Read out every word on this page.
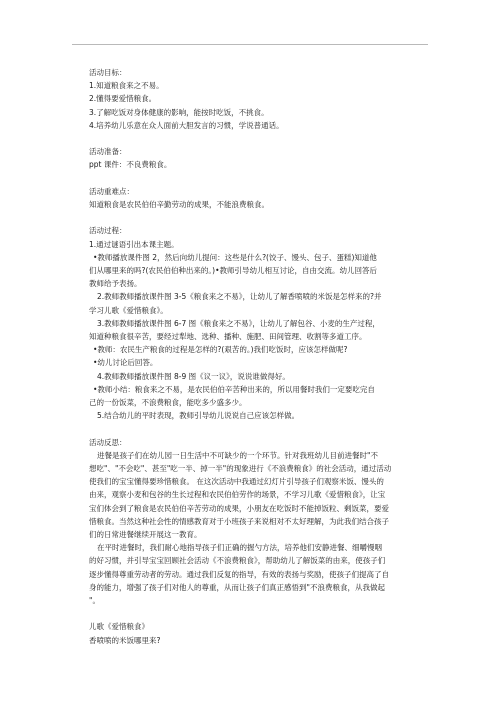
活动目标：
1.知道粮食来之不易。
2.懂得要爱惜粮食。
3.了解吃饭对身体健康的影响，能按时吃饭，不挑食。
4.培养幼儿乐意在众人面前大胆发言的习惯，学说普通话。
活动准备：
ppt 课件：不良费粮食。
活动重难点：
知道粮食是农民伯伯辛勤劳动的成果，不能浪费粮食。
活动过程：
1.通过谜语引出本课主题。
•教师播放课件图 2，然后向幼儿提问：这些是什么?(饺子、馒头、包子、蛋糕)知道他
们从哪里来的吗?(农民伯伯种出来的。)•教师引导幼儿相互讨论，自由交流。幼儿回答后
教师给予表扬。
2.教师教师播放课件图 3-5《粮食来之不易》，让幼儿了解香喷喷的米饭是怎样来的?并
学习儿歌《爱惜粮食》。
3.教师教师播放课件图 6-7 图《粮食来之不易》，让幼儿了解包谷、小麦的生产过程，
知道种粮食很辛苦，要经过犁地、选种、播种、施肥、田间管理、收割等多道工序。
•教师：农民生产粮食的过程是怎样的?(艰苦的。)我们吃饭时，应该怎样做呢?
•幼儿讨论后回答。
4.教师教师播放课件图 8-9 图《议一议》，说说谁做得好。
•教师小结：粮食来之不易，是农民伯伯辛苦种出来的，所以用餐时我们一定要吃完自
己的一份饭菜，不浪费粮食，能吃多少盛多少。
5.结合幼儿的平时表现，教师引导幼儿说说自己应该怎样做。
活动反思：
进餐是孩子们在幼儿园一日生活中不可缺少的一个环节。针对我班幼儿目前进餐时"不
想吃"、"不会吃"、甚至"吃一半、掉一半"的现象进行《不浪费粮食》的社会活动，通过活动
使我们的宝宝懂得要珍惜粮食。 在这次活动中我通过幻灯片引导孩子们观察米饭、馒头的
由来，观察小麦和包谷的生长过程和农民伯伯劳作的场景，不学习儿歌《爱惜粮食》，让宝
宝们体会到了粮食是农民伯伯辛苦劳动的成果，小朋友在吃饭时不能掉饭粒、剩饭菜，要爱
惜粮食。当然这种社会性的情感教育对于小班孩子来说相对不太好理解，为此我们结合孩子
们的日常进餐继续开展这一教育。
在平时进餐时，我们耐心地指导孩子们正确的握勺方法，培养他们安静进餐、细嚼慢咽
的好习惯，并引导宝宝回顾社会活动《不浪费粮食》，帮助幼儿了解饭菜的由来，使孩子们
逐步懂得尊重劳动者的劳动。通过我们反复的指导，有效的表扬与奖励，使孩子们提高了自
身的能力，增强了孩子们对他人的尊重，从而让孩子们真正感悟到"不浪费粮食，从我做起
"。
儿歌《爱惜粮食》
香喷喷的米饭哪里来?
